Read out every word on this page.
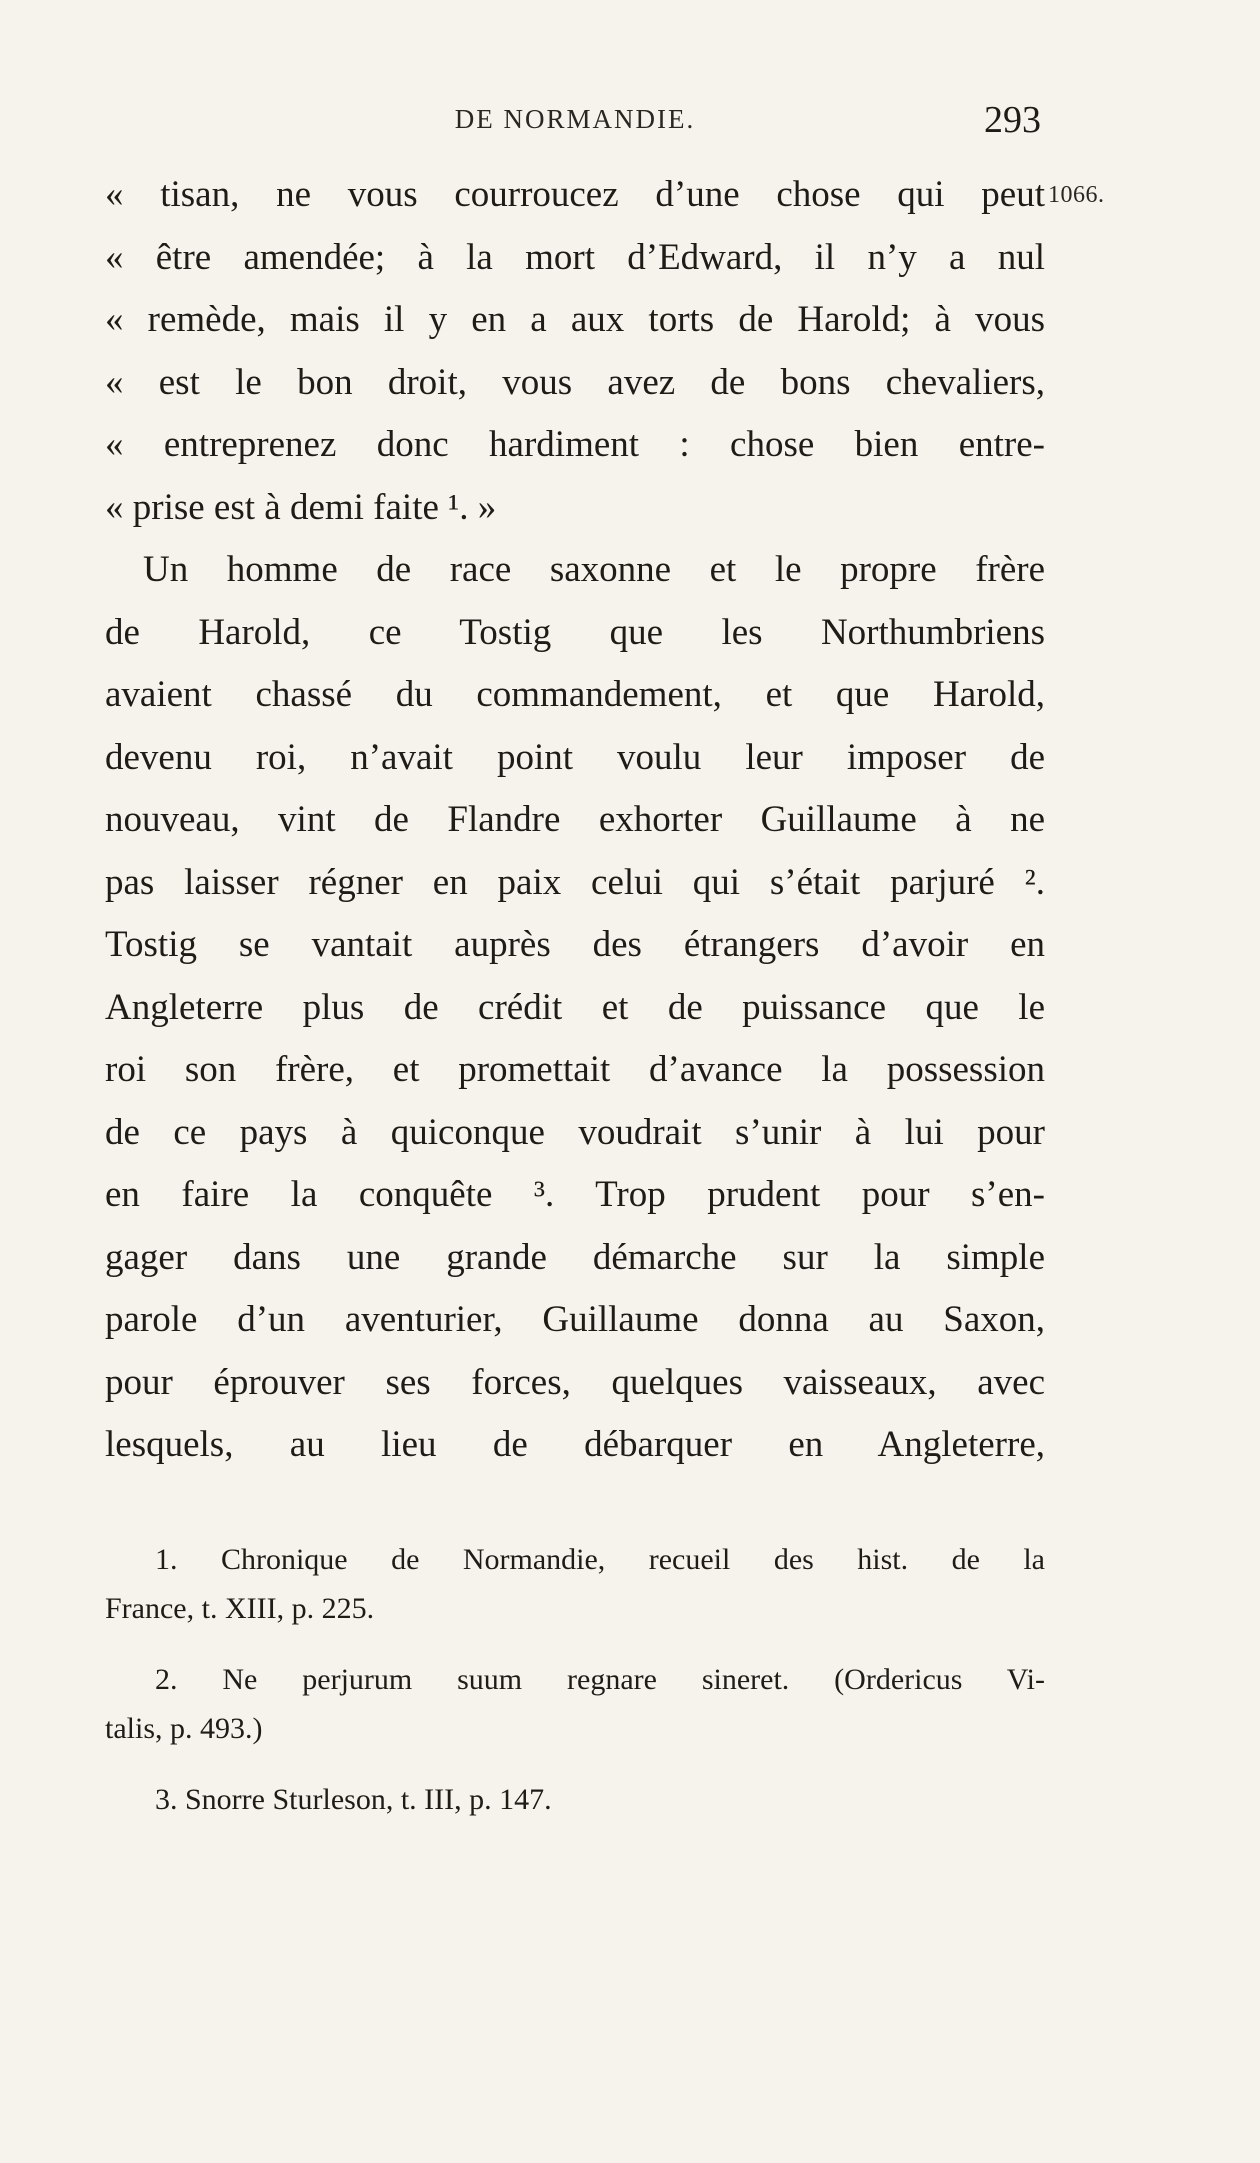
DE NORMANDIE.	293
1066.
« tisan, ne vous courroucez d’une chose qui peut
« être amendée; à la mort d’Edward, il n’y a nul
« remède, mais il y en a aux torts de Harold; à vous
« est le bon droit, vous avez de bons chevaliers,
« entreprenez donc hardiment : chose bien entre-
« prise est à demi faite ¹. »
Un homme de race saxonne et le propre frère
de Harold, ce Tostig que les Northumbriens
avaient chassé du commandement, et que Harold,
devenu roi, n’avait point voulu leur imposer de
nouveau, vint de Flandre exhorter Guillaume à ne
pas laisser régner en paix celui qui s’était parjuré ².
Tostig se vantait auprès des étrangers d’avoir en
Angleterre plus de crédit et de puissance que le
roi son frère, et promettait d’avance la possession
de ce pays à quiconque voudrait s’unir à lui pour
en faire la conquête ³. Trop prudent pour s’en-
gager dans une grande démarche sur la simple
parole d’un aventurier, Guillaume donna au Saxon,
pour éprouver ses forces, quelques vaisseaux, avec
lesquels, au lieu de débarquer en Angleterre,
1. Chronique de Normandie, recueil des hist. de la
France, t. XIII, p. 225.
2. Ne perjurum suum regnare sineret. (Ordericus Vi-
talis, p. 493.)
3. Snorre Sturleson, t. III, p. 147.
